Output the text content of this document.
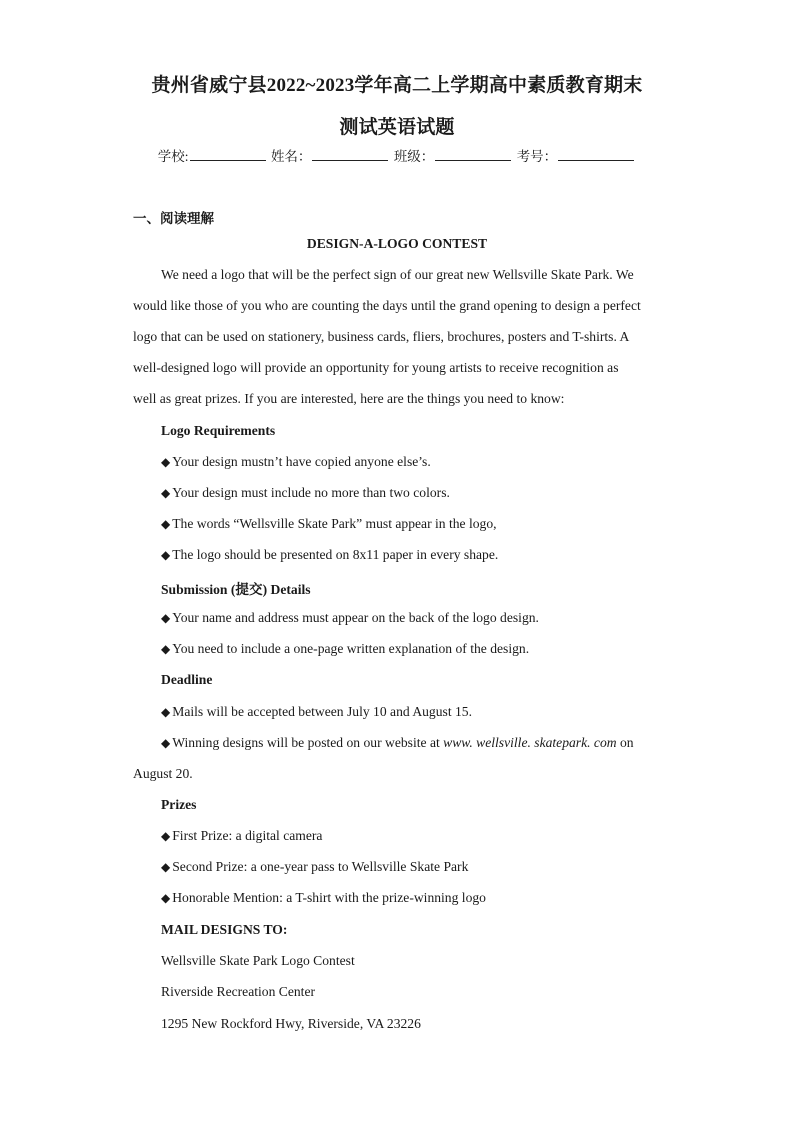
贵州省威宁县2022~2023学年高二上学期高中素质教育期末
测试英语试题
学校:	姓名：	班级：	考号：
一、阅读理解
DESIGN-A-LOGO CONTEST
We need a logo that will be the perfect sign of our great new Wellsville Skate Park. We
would like those of you who are counting the days until the grand opening to design a perfect
logo that can be used on stationery, business cards, fliers, brochures, posters and T-shirts. A
well-designed logo will provide an opportunity for young artists to receive recognition as
well as great prizes. If you are interested, here are the things you need to know:
Logo Requirements
◆ Your design mustn’t have copied anyone else’s.
◆ Your design must include no more than two colors.
◆ The words “Wellsville Skate Park” must appear in the logo,
◆ The logo should be presented on 8x11 paper in every shape.
Submission (提交) Details
◆ Your name and address must appear on the back of the logo design.
◆ You need to include a one-page written explanation of the design.
Deadline
◆ Mails will be accepted between July 10 and August 15.
◆ Winning designs will be posted on our website at www. wellsville. skatepark. com on
August 20.
Prizes
◆ First Prize: a digital camera
◆ Second Prize: a one-year pass to Wellsville Skate Park
◆ Honorable Mention: a T-shirt with the prize-winning logo
MAIL DESIGNS TO:
Wellsville Skate Park Logo Contest
Riverside Recreation Center
1295 New Rockford Hwy, Riverside, VA 23226
